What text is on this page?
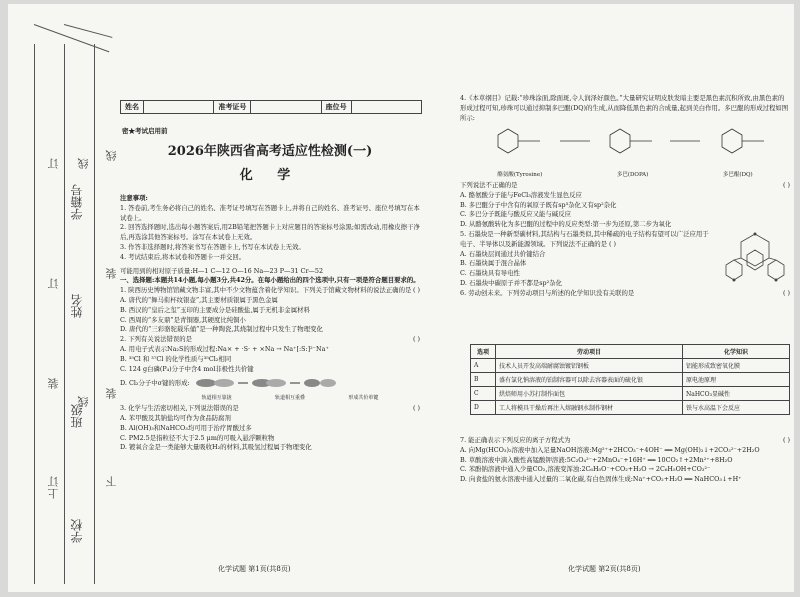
订
订
订
线
线
线
装
装
装
上
下
学籍号
姓名
班级
学校
姓名	准考证号	座位号
密★考试启用前
2026年陕西省高考适应性检测(一)
化 学
注意事项:
1. 答卷前,考生务必将自己的姓名、准考证号填写在答题卡上,并将自己的姓名、准考证号、座位号填写在本试卷上。
2. 回答选择题时,选出每小题答案后,用2B铅笔把答题卡上对应题目的答案标号涂黑;如需改动,用橡皮擦干净后,再选涂其他答案标号。涂写在本试卷上无效。
3. 作答非选择题时,将答案书写在答题卡上,书写在本试卷上无效。
4. 考试结束后,将本试卷和答题卡一并交回。
可能用到的相对原子质量:H—1 C—12 O—16 Na—23 P—31 Cr—52
一、选择题:本题共14小题,每小题3分,共42分。在每小题给出的四个选项中,只有一项是符合题目要求的。
1. 陕西历史博物馆馆藏文物丰富,其中不少文物蕴含着化学知识。下列关于馆藏文物材料的说法正确的是 ( )
A. 唐代的“舞马衔杯纹银壶”,其主要材质银属于黑色金属
B. 西汉的“皇后之玺”玉印的主要成分是硅酸盐,属于无机非金属材料
C. 西周的“多友鼎”是青铜器,其硬度比纯铜小
D. 唐代的“三彩骆驼载乐俑”是一种陶瓷,其烧制过程中只发生了物理变化
2. 下列有关说法错误的是	( )
A. 用电子式表示Na₂S的形成过程:Na× + ·S· + ×Na → Na⁺[:S:]²⁻Na⁺
B. ³⁵Cl 和 ³⁷Cl 的化学性质与³⁵Cl₂相同
C. 124 g白磷(P₄)分子中含4 mol非极性共价键
D. Cl₂分子中σ键的形成:
轨道相互靠拢	轨道相互重叠	形成共价单键
3. 化学与生活密切相关,下列说法错误的是	( )
A. 苯甲酸及其钠盐均可作为食品防腐剂
B. Al(OH)₃和NaHCO₃均可用于治疗胃酸过多
C. PM2.5是指粒径不大于2.5 μm的可吸入悬浮颗粒物
D. 镀氧合金是一类能够大量吸收H₂的材料,其吸氢过程属于物理变化
化学试题 第1页(共8页)
4.《本草纲目》记载:“珍珠涂面,除面斑,令人润泽好颜色。”大量研究证明皮肤发暗主要是黑色素沉积所致,由黑色素的形成过程可知,珍珠可以通过抑制多巴醌(DQ)的生成,从而降低黑色素的合成量,起到美白作用。多巴醌的形成过程如图所示:
酪氨酸(Tyrosine)	多巴(DOPA)	多巴醌(DQ)
下列说法不正确的是	( )
A. 酪氨酸分子能与FeCl₃溶液发生显色反应
B. 多巴醌分子中含有的氧原子既有sp³杂化又有sp²杂化
C. 多巴分子既能与酸反应又能与碱反应
D. 从酪氨酸转化为多巴醌的过程中的反应类型:第一步为还原,第二步为氧化
5. 石墨炔是一种新型碳材料,其结构与石墨类似,其中稀疏的电子结构有望可以广泛应用于电子、半导体以及新能源领域。下列说法不正确的是 ( )
A. 石墨炔层间通过共价键结合
B. 石墨炔属于混合晶体
C. 石墨炔具有导电性
D. 石墨炔中碳原子并不都是sp²杂化
6. 劳动创未来。下列劳动项目与所述的化学知识没有关联的是	( )
选项	劳动项目	化学知识
A	技术人员开发高端耐腐蚀镀铝钢板	铝能形成致密氧化膜
B	盛有氯化钠溶液的铂制容器可以除去容器表面的硫化银	原电池原理
C	烘焙师用小苏打制作面包	NaHCO₃显碱性
D	工人将模具干燥后再注入熔融钢水制作钢材	铁与水高温下会反应
7. 能正确表示下列反应的离子方程式为	( )
A. 向Mg(HCO₃)₂溶液中加入足量NaOH溶液:Mg²⁺+2HCO₃⁻+4OH⁻ ══ Mg(OH)₂↓+2CO₃²⁻+2H₂O
B. 草酸溶液中滴入酸性高锰酸钾溶液:5C₂O₄²⁻+2MnO₄⁻+16H⁺ ══ 10CO₂↑+2Mn²⁺+8H₂O
C. 苯酚钠溶液中通入少量CO₂,溶液变浑浊:2C₆H₅O⁻+CO₂+H₂O → 2C₆H₅OH+CO₃²⁻
D. 向食盐的氨水溶液中通入过量的二氧化碳,有白色固体生成:Na⁺+CO₂+H₂O ══ NaHCO₃↓+H⁺
化学试题 第2页(共8页)
